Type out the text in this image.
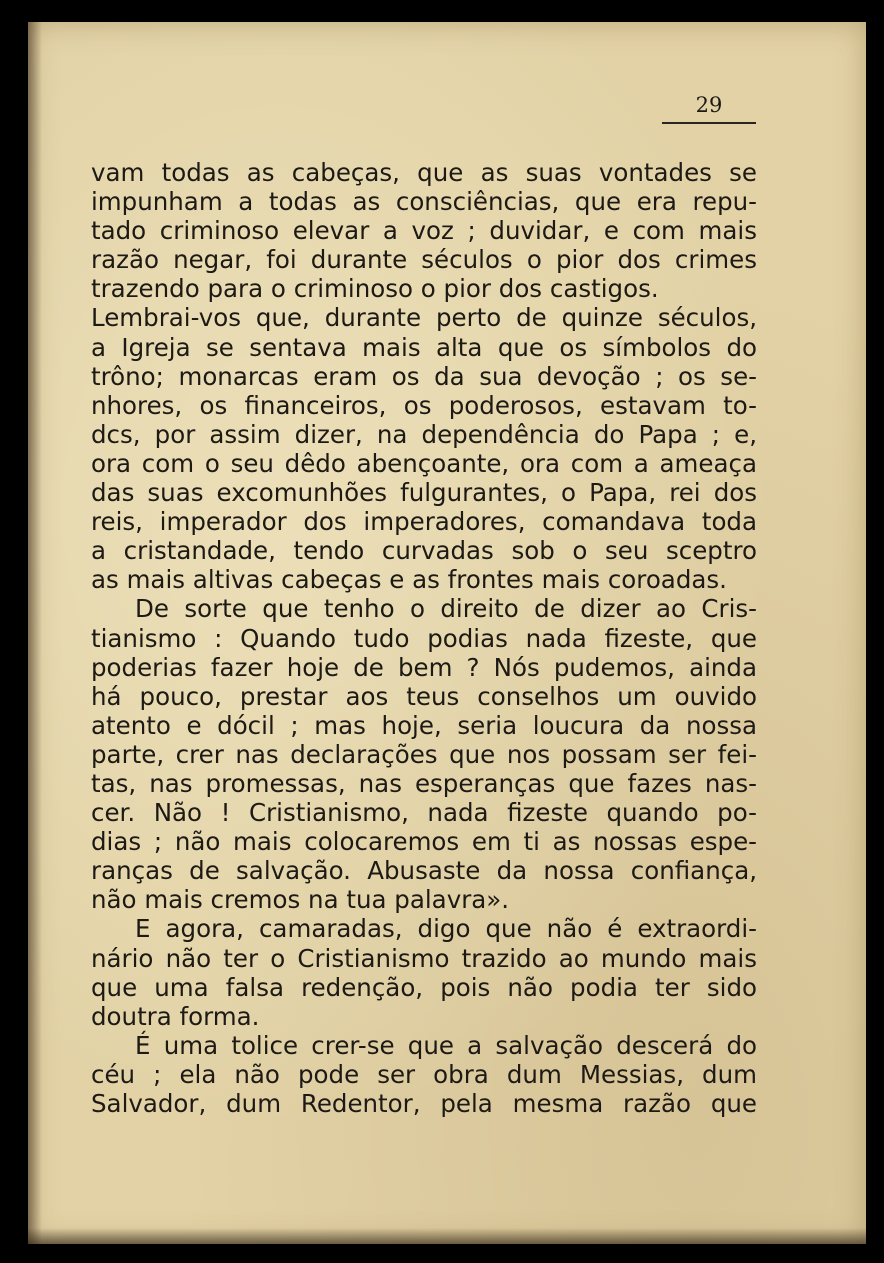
29
vam todas as cabeças, que as suas vontades se
impunham a todas as consciências, que era repu-
tado criminoso elevar a voz ; duvidar, e com mais
razão negar, foi durante séculos o pior dos crimes
trazendo para o criminoso o pior dos castigos.
Lembrai-vos que, durante perto de quinze séculos,
a Igreja se sentava mais alta que os símbolos do
trôno; monarcas eram os da sua devoção ; os se-
nhores, os financeiros, os poderosos, estavam to-
dcs, por assim dizer, na dependência do Papa ; e,
ora com o seu dêdo abençoante, ora com a ameaça
das suas excomunhões fulgurantes, o Papa, rei dos
reis, imperador dos imperadores, comandava toda
a cristandade, tendo curvadas sob o seu sceptro
as mais altivas cabeças e as frontes mais coroadas.
De sorte que tenho o direito de dizer ao Cris-
tianismo : Quando tudo podias nada fizeste, que
poderias fazer hoje de bem ? Nós pudemos, ainda
há pouco, prestar aos teus conselhos um ouvido
atento e dócil ; mas hoje, seria loucura da nossa
parte, crer nas declarações que nos possam ser fei-
tas, nas promessas, nas esperanças que fazes nas-
cer. Não ! Cristianismo, nada fizeste quando po-
dias ; não mais colocaremos em ti as nossas espe-
ranças de salvação. Abusaste da nossa confiança,
não mais cremos na tua palavra».
E agora, camaradas, digo que não é extraordi-
nário não ter o Cristianismo trazido ao mundo mais
que uma falsa redenção, pois não podia ter sido
doutra forma.
É uma tolice crer-se que a salvação descerá do
céu ; ela não pode ser obra dum Messias, dum
Salvador, dum Redentor, pela mesma razão que
